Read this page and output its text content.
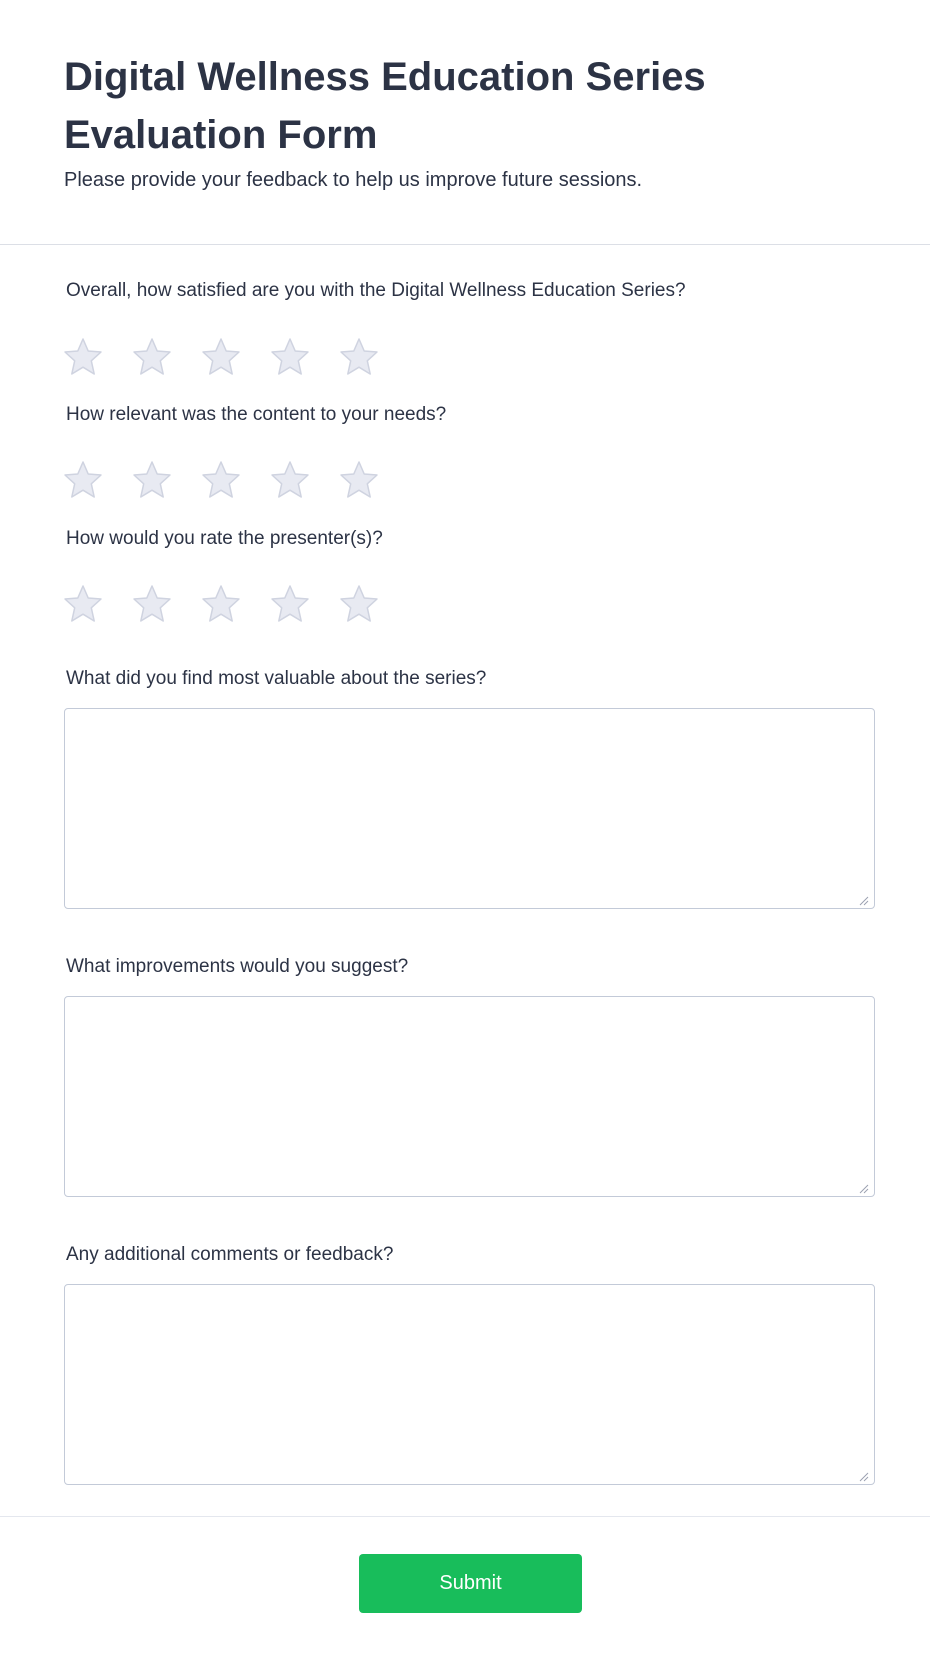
Digital Wellness Education Series Evaluation Form

Please provide your feedback to help us improve future sessions.

Overall, how satisfied are you with the Digital Wellness Education Series?

How relevant was the content to your needs?

How would you rate the presenter(s)?

What did you find most valuable about the series?

What improvements would you suggest?

Any additional comments or feedback?

Submit
